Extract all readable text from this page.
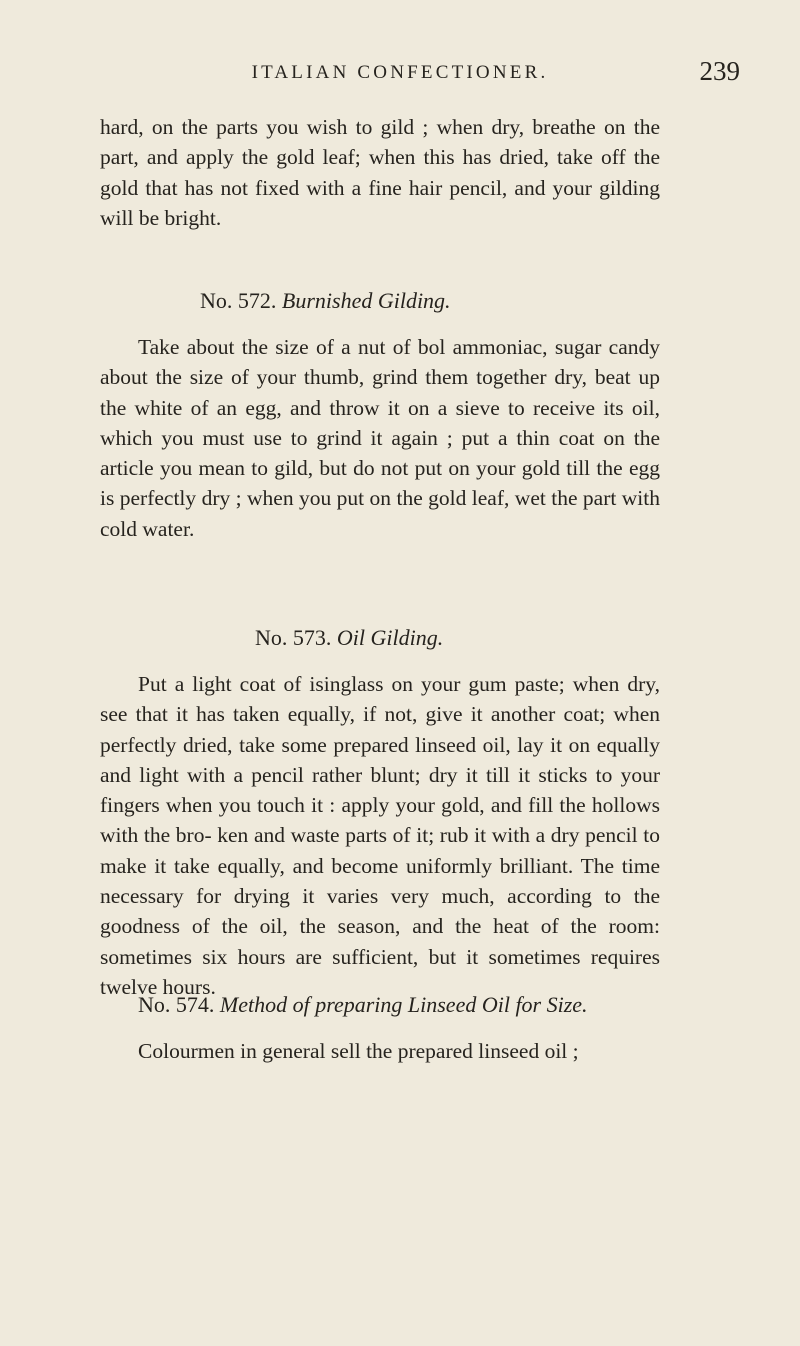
ITALIAN CONFECTIONER.	239

hard, on the parts you wish to gild ; when dry, breathe on the part, and apply the gold leaf; when this has dried, take off the gold that has not fixed with a fine hair pencil, and your gilding will be bright.

No. 572. Burnished Gilding.

Take about the size of a nut of bol ammoniac, sugar candy about the size of your thumb, grind them together dry, beat up the white of an egg, and throw it on a sieve to receive its oil, which you must use to grind it again ; put a thin coat on the article you mean to gild, but do not put on your gold till the egg is perfectly dry ; when you put on the gold leaf, wet the part with cold water.

No. 573. Oil Gilding.

Put a light coat of isinglass on your gum paste; when dry, see that it has taken equally, if not, give it another coat; when perfectly dried, take some prepared linseed oil, lay it on equally and light with a pencil rather blunt; dry it till it sticks to your fingers when you touch it : apply your gold, and fill the hollows with the bro- ken and waste parts of it; rub it with a dry pencil to make it take equally, and become uniformly brilliant. The time necessary for drying it varies very much, according to the goodness of the oil, the season, and the heat of the room: sometimes six hours are sufficient, but it sometimes requires twelve hours.

No. 574. Method of preparing Linseed Oil for Size.

Colourmen in general sell the prepared linseed oil ;
